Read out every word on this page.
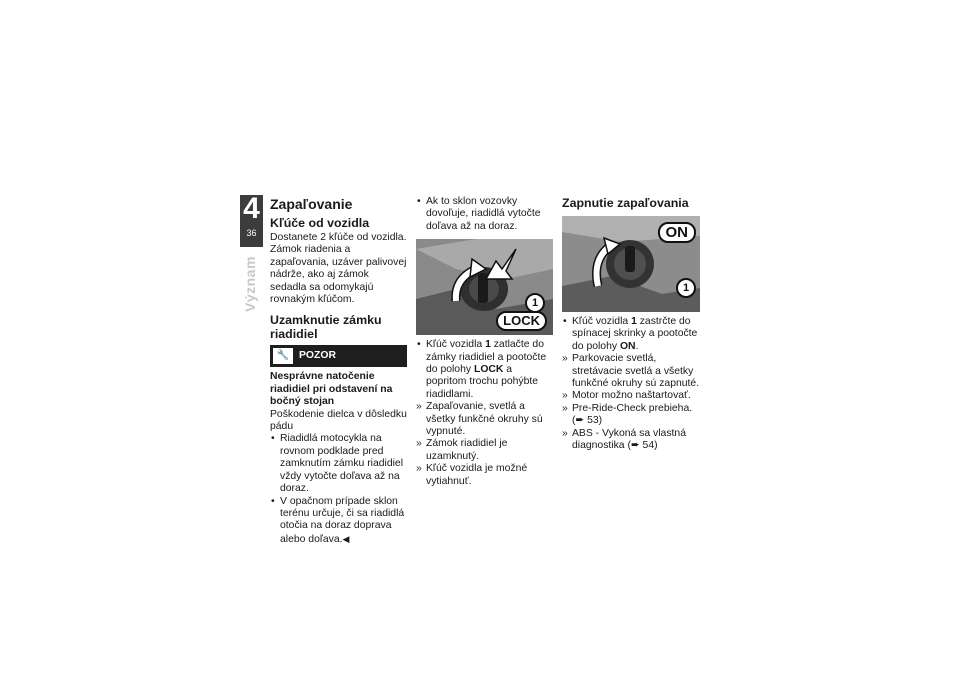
4
36
Význam
Zapaľovanie
Kľúče od vozidla

Dostanete 2 kľúče od vozidla. Zámok riadenia a zapaľovania, uzáver palivovej nádrže, ako aj zámok sedadla sa odomykajú rovnakým kľúčom.

Uzamknutie zámku riadidiel
🔧 POZOR

Nesprávne natočenie riadidiel pri odstavení na bočný stojan

Poškodenie dielca v dôsledku pádu

• Riadidlá motocykla na rovnom podklade pred zamknutím zámku riadidiel vždy vytočte doľava až na doraz.
• V opačnom prípade sklon terénu určuje, či sa riadidlá otočia na doraz doprava alebo doľava.◀
• Ak to sklon vozovky dovoľuje, riadidlá vytočte doľava až na doraz.
1
LOCK
• Kľúč vozidla 1 zatlačte do zámky riadidiel a pootočte do polohy LOCK a popritom trochu pohýbte riadidlami.
» Zapaľovanie, svetlá a všetky funkčné okruhy sú vypnuté.
» Zámok riadidiel je uzamknutý.
» Kľúč vozidla je možné vytiahnuť.
Zapnutie zapaľovania
ON
1
• Kľúč vozidla 1 zastrčte do spínacej skrinky a pootočte do polohy ON.
» Parkovacie svetlá, stretávacie svetlá a všetky funkčné okruhy sú zapnuté.
» Motor možno naštartovať.
» Pre-Ride-Check prebieha.
(➨ 53)
» ABS - Vykoná sa vlastná diagnostika (➨ 54)
